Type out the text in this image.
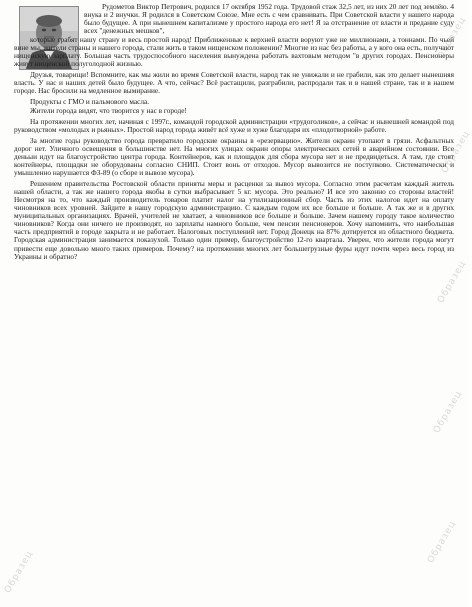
Рудометов Виктор Петрович, родился 17 октября 1952 года. Трудовой стаж 32,5 лет, из них 20 лет под землёю. 4 внука и 2 внучки. Я родился в Советском Союзе. Мне есть с чем сравнивать. При Советской власти у нашего народа было будущее. А при нынешнем капитализме у простого народа его нет! Я за отстранение от власти и предание суду всех "денежных мешков",

которые грабят нашу страну и весь простой народ! Приближенные к верхней власти воруют уже не миллионами, а тоннами. По чьей вине мы, жители страны и нашего города, стали жить в таком нищенском положении? Многие из нас без работы, а у кого она есть, получают нищенскую зарплату. Большая часть трудоспособного населения вынуждена работать вахтовым методом "в других городах. Пенсионеры живут нищенской полуголодной жизнью.

Друзья, товарищи! Вспомните, как мы жили во время Советской власти, народ так не унижали и не грабили, как это делает нынешняя власть. У нас и наших детей было будущее. А что, сейчас? Всё растащили, разграбили, распродали так и в нашей стране, так и в нашем городе. Нас бросили на медленное вымирание.

Продукты с ГМО и пальмового масла.

Жители города видят, что творится у нас в городе!

На протяжении многих лет, начиная с 1997г., командой городской администрации «трудоголиков», а сейчас и нынешней командой под руководством «молодых и рьяных». Простой народ города живёт всё хуже и хуже благодаря их «плодотворной» работе.

За многие годы руководство города превратило городские окраины в «резервацию». Жители окраин утопают в грязи. Асфальтных дорог нет. Уличного освещения в большинстве нет. На многих улицах окраин опоры электрических сетей в аварийном состоянии. Все деньыи идут на благоустройство центра города. Контейнеров, как и площадок для сбора мусора нет и не предвидеться. А там, где стоят контейнеры, площадки не оборудованы согласно СНИП. Стоит вонь от отходов. Мусор вывозится не поступково. Систематически и умышленно нарушается ФЗ-89 (о сборе и вывозе мусора).

Решением правительства Ростовской области приняты меры и расценки за вывоз мусора. Согласно этим расчетам каждый житель нашей области, а так же нашего города якобы в сутки выбрасывает 5 кг. мусора. Это реально? И все это законно со стороны властей! Несмотря на то, что каждый производитель товаров платит налог на утилизационный сбор. Часть из этих налогов идет на оплату чиновников всех уровней. Зайдите в нашу городскую администрацию. С каждым годом их все больше и больше. А так же и в других муниципальных организациях. Врачей, учителей не хватает, а чиновников все больше и больше. Зачем нашему городу такое количество чиновников? Когда они ничего не производят, но зарплаты намного больше, чем пенсии пенсионеров. Хочу напомнить, что наибольшая часть предприятий в городе закрыта и не работает. Налоговых поступлений нет. Город Донецк на 87% дотируется из областного бюджета. Городская администрация занимается показухой. Только один пример, благоустройство 12-го квартала. Уверен, что жители города могут привести еще довольно много таких примеров. Почему? на протяжении многих лет большегрузные фуры идут почти через весь город из Украины и обратно?

Образец
Образец
Образец
Образец
Образец
Образец
